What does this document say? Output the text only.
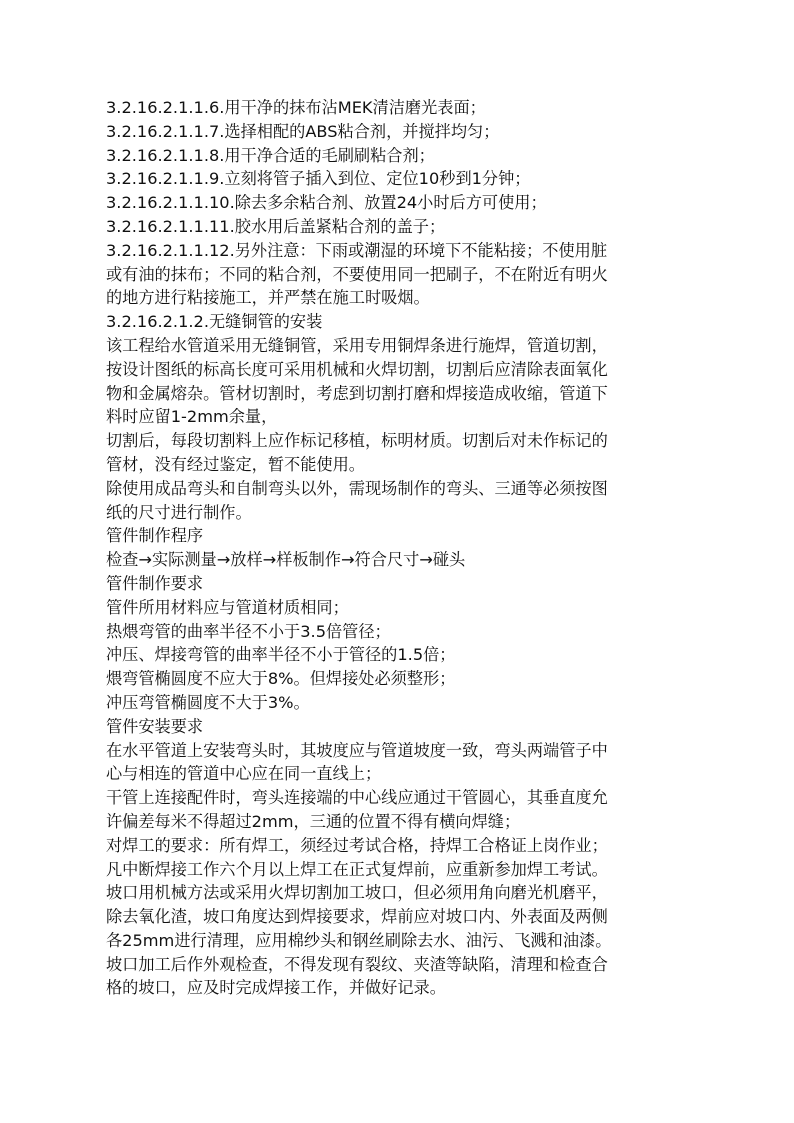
3.2.16.2.1.1.6.用干净的抹布沾MEK清洁磨光表面；
3.2.16.2.1.1.7.选择相配的ABS粘合剂，并搅拌均匀；
3.2.16.2.1.1.8.用干净合适的毛刷刷粘合剂；
3.2.16.2.1.1.9.立刻将管子插入到位、定位10秒到1分钟；
3.2.16.2.1.1.10.除去多余粘合剂、放置24小时后方可使用；
3.2.16.2.1.1.11.胶水用后盖紧粘合剂的盖子；
3.2.16.2.1.1.12.另外注意：下雨或潮湿的环境下不能粘接；不使用脏
或有油的抹布；不同的粘合剂，不要使用同一把刷子，不在附近有明火
的地方进行粘接施工，并严禁在施工时吸烟。
3.2.16.2.1.2.无缝铜管的安装
该工程给水管道采用无缝铜管，采用专用铜焊条进行施焊，管道切割，
按设计图纸的标高长度可采用机械和火焊切割，切割后应清除表面氧化
物和金属熔杂。管材切割时，考虑到切割打磨和焊接造成收缩，管道下
料时应留1-2mm余量，
切割后，每段切割料上应作标记移植，标明材质。切割后对未作标记的
管材，没有经过鉴定，暂不能使用。
除使用成品弯头和自制弯头以外，需现场制作的弯头、三通等必须按图
纸的尺寸进行制作。
管件制作程序
检查→实际测量→放样→样板制作→符合尺寸→碰头
管件制作要求
管件所用材料应与管道材质相同；
热煨弯管的曲率半径不小于3.5倍管径；
冲压、焊接弯管的曲率半径不小于管径的1.5倍；
煨弯管椭圆度不应大于8%。但焊接处必须整形；
冲压弯管椭圆度不大于3%。
管件安装要求
在水平管道上安装弯头时，其坡度应与管道坡度一致，弯头两端管子中
心与相连的管道中心应在同一直线上；
干管上连接配件时，弯头连接端的中心线应通过干管圆心，其垂直度允
许偏差每米不得超过2mm，三通的位置不得有横向焊缝；
对焊工的要求：所有焊工，须经过考试合格，持焊工合格证上岗作业；
凡中断焊接工作六个月以上焊工在正式复焊前，应重新参加焊工考试。
坡口用机械方法或采用火焊切割加工坡口，但必须用角向磨光机磨平，
除去氧化渣，坡口角度达到焊接要求，焊前应对坡口内、外表面及两侧
各25mm进行清理，应用棉纱头和钢丝刷除去水、油污、飞溅和油漆。
坡口加工后作外观检查，不得发现有裂纹、夹渣等缺陷，清理和检查合
格的坡口，应及时完成焊接工作，并做好记录。
